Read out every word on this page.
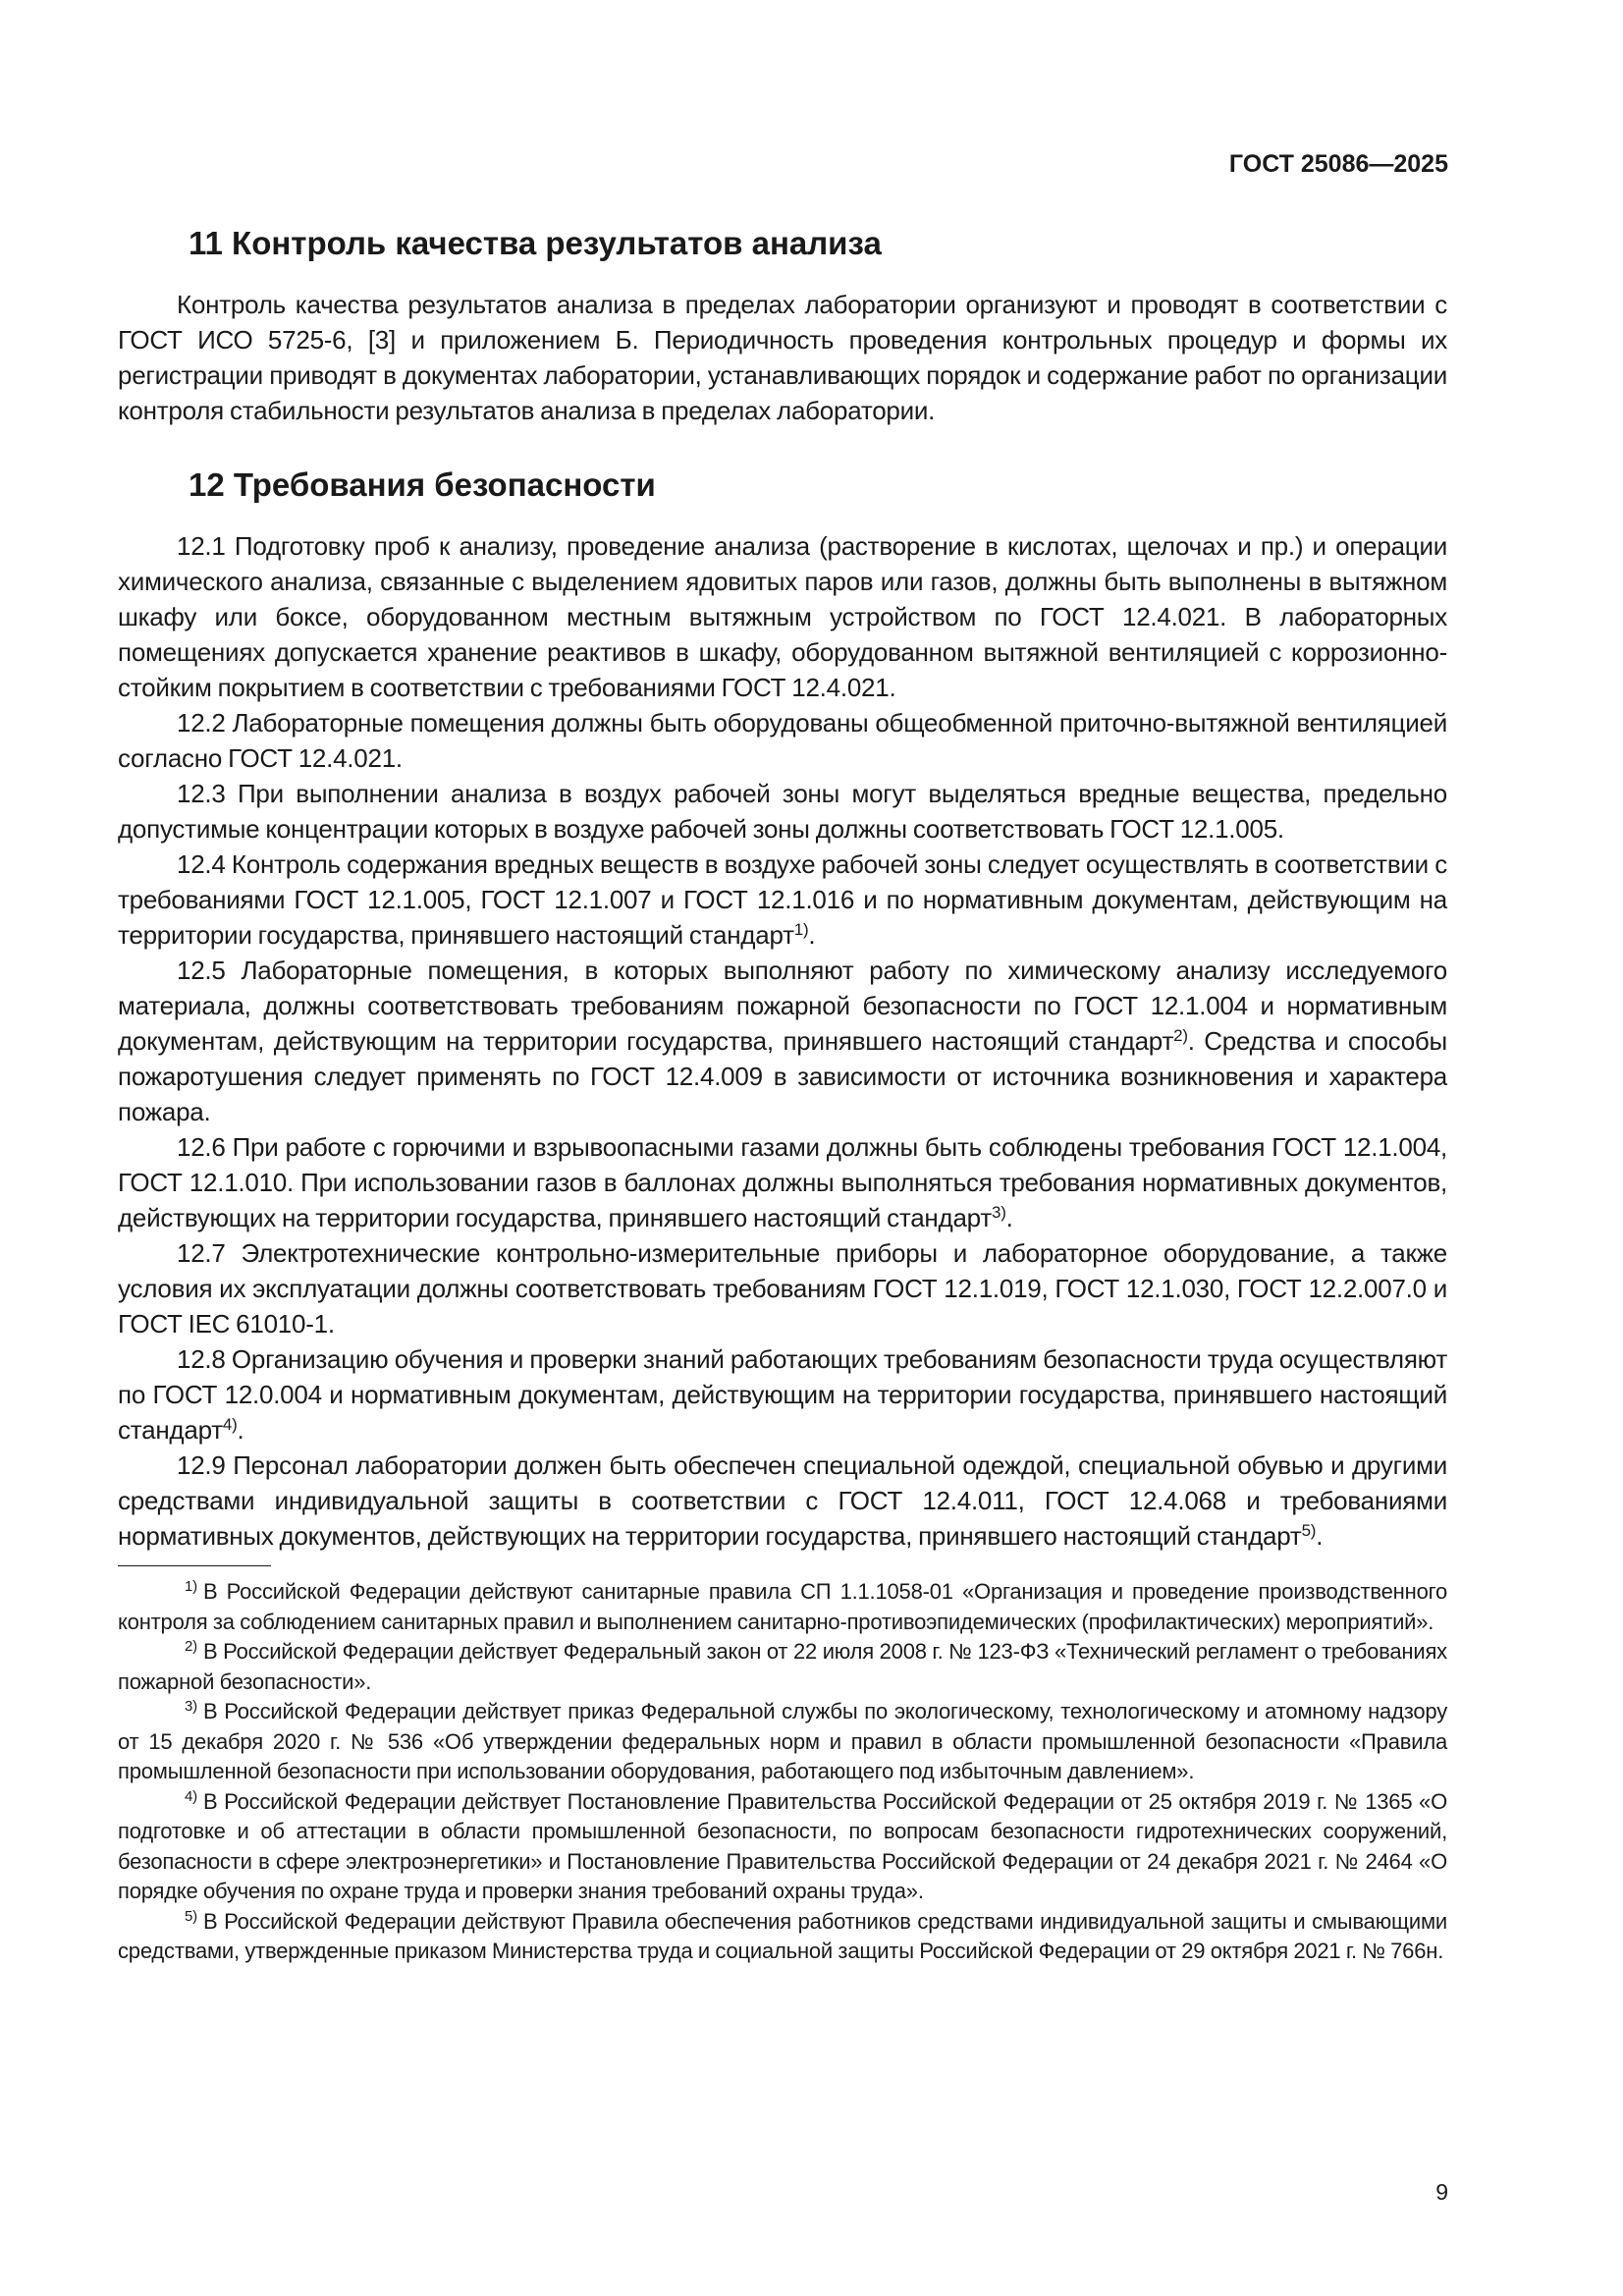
ГОСТ 25086—2025
11 Контроль качества результатов анализа

Контроль качества результатов анализа в пределах лаборатории организуют и проводят в соответствии с ГОСТ ИСО 5725-6, [3] и приложением Б. Периодичность проведения контрольных процедур и формы их регистрации приводят в документах лаборатории, устанавливающих порядок и содержание работ по организации контроля стабильности результатов анализа в пределах лаборатории.

12 Требования безопасности

12.1 Подготовку проб к анализу, проведение анализа (растворение в кислотах, щелочах и пр.) и операции химического анализа, связанные с выделением ядовитых паров или газов, должны быть выполнены в вытяжном шкафу или боксе, оборудованном местным вытяжным устройством по ГОСТ 12.4.021. В лабораторных помещениях допускается хранение реактивов в шкафу, оборудованном вытяжной вентиляцией с коррозионно-стойким покрытием в соответствии с требованиями ГОСТ 12.4.021.

12.2 Лабораторные помещения должны быть оборудованы общеобменной приточно-вытяжной вентиляцией согласно ГОСТ 12.4.021.

12.3 При выполнении анализа в воздух рабочей зоны могут выделяться вредные вещества, предельно допустимые концентрации которых в воздухе рабочей зоны должны соответствовать ГОСТ 12.1.005.

12.4 Контроль содержания вредных веществ в воздухе рабочей зоны следует осуществлять в соответствии с требованиями ГОСТ 12.1.005, ГОСТ 12.1.007 и ГОСТ 12.1.016 и по нормативным документам, действующим на территории государства, принявшего настоящий стандарт$^{1)}$.

12.5 Лабораторные помещения, в которых выполняют работу по химическому анализу исследуемого материала, должны соответствовать требованиям пожарной безопасности по ГОСТ 12.1.004 и нормативным документам, действующим на территории государства, принявшего настоящий стандарт$^{2)}$. Средства и способы пожаротушения следует применять по ГОСТ 12.4.009 в зависимости от источника возникновения и характера пожара.

12.6 При работе с горючими и взрывоопасными газами должны быть соблюдены требования ГОСТ 12.1.004, ГОСТ 12.1.010. При использовании газов в баллонах должны выполняться требования нормативных документов, действующих на территории государства, принявшего настоящий стандарт$^{3)}$.

12.7 Электротехнические контрольно-измерительные приборы и лабораторное оборудование, а также условия их эксплуатации должны соответствовать требованиям ГОСТ 12.1.019, ГОСТ 12.1.030, ГОСТ 12.2.007.0 и ГОСТ IEC 61010-1.

12.8 Организацию обучения и проверки знаний работающих требованиям безопасности труда осуществляют по ГОСТ 12.0.004 и нормативным документам, действующим на территории государства, принявшего настоящий стандарт$^{4)}$.

12.9 Персонал лаборатории должен быть обеспечен специальной одеждой, специальной обувью и другими средствами индивидуальной защиты в соответствии с ГОСТ 12.4.011, ГОСТ 12.4.068 и требованиями нормативных документов, действующих на территории государства, принявшего настоящий стандарт$^{5)}$.

$^{1)}$ В Российской Федерации действуют санитарные правила СП 1.1.1058-01 «Организация и проведение производственного контроля за соблюдением санитарных правил и выполнением санитарно-противоэпидемических (профилактических) мероприятий».

$^{2)}$ В Российской Федерации действует Федеральный закон от 22 июля 2008 г. № 123-ФЗ «Технический регламент о требованиях пожарной безопасности».

$^{3)}$ В Российской Федерации действует приказ Федеральной службы по экологическому, технологическому и атомному надзору от 15 декабря 2020 г. № 536 «Об утверждении федеральных норм и правил в области промышленной безопасности «Правила промышленной безопасности при использовании оборудования, работающего под избыточным давлением».

$^{4)}$ В Российской Федерации действует Постановление Правительства Российской Федерации от 25 октября 2019 г. № 1365 «О подготовке и об аттестации в области промышленной безопасности, по вопросам безопасности гидротехнических сооружений, безопасности в сфере электроэнергетики» и Постановление Правительства Российской Федерации от 24 декабря 2021 г. № 2464 «О порядке обучения по охране труда и проверки знания требований охраны труда».

$^{5)}$ В Российской Федерации действуют Правила обеспечения работников средствами индивидуальной защиты и смывающими средствами, утвержденные приказом Министерства труда и социальной защиты Российской Федерации от 29 октября 2021 г. № 766н.

9
